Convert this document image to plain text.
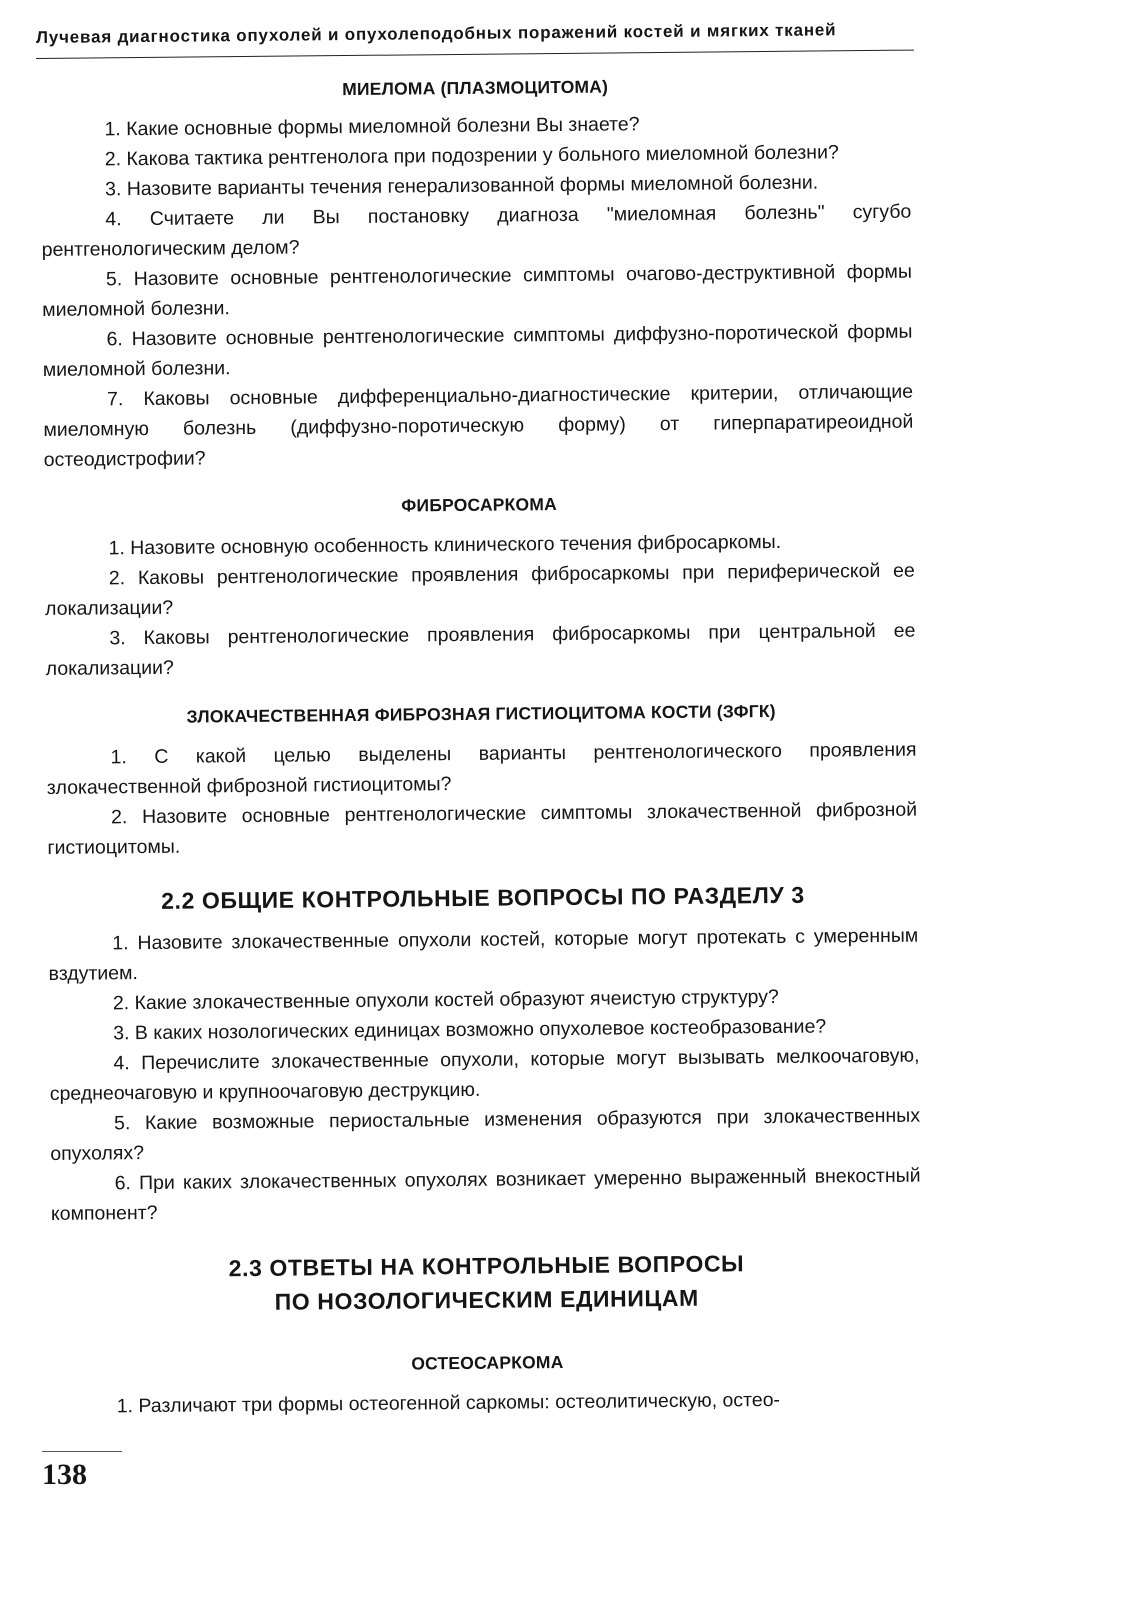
Лучевая диагностика опухолей и опухолеподобных поражений костей и мягких тканей
МИЕЛОМА (ПЛАЗМОЦИТОМА)

1. Какие основные формы миеломной болезни Вы знаете?

2. Какова тактика рентгенолога при подозрении у больного миеломной болезни?

3. Назовите варианты течения генерализованной формы миеломной болезни.

4. Считаете ли Вы постановку диагноза "миеломная болезнь" сугубо рентгенологическим делом?

5. Назовите основные рентгенологические симптомы очагово-деструктивной формы миеломной болезни.

6. Назовите основные рентгенологические симптомы диффузно-поротической формы миеломной болезни.

7. Каковы основные дифференциально-диагностические критерии, отличающие миеломную болезнь (диффузно-поротическую форму) от гиперпаратиреоидной остеодистрофии?

ФИБРОСАРКОМА

1. Назовите основную особенность клинического течения фибросаркомы.

2. Каковы рентгенологические проявления фибросаркомы при периферической ее локализации?

3. Каковы рентгенологические проявления фибросаркомы при центральной ее локализации?

ЗЛОКАЧЕСТВЕННАЯ ФИБРОЗНАЯ ГИСТИОЦИТОМА КОСТИ (ЗФГК)

1. С какой целью выделены варианты рентгенологического проявления злокачественной фиброзной гистиоцитомы?

2. Назовите основные рентгенологические симптомы злокачественной фиброзной гистиоцитомы.

2.2 ОБЩИЕ КОНТРОЛЬНЫЕ ВОПРОСЫ ПО РАЗДЕЛУ 3

1. Назовите злокачественные опухоли костей, которые могут протекать с умеренным вздутием.

2. Какие злокачественные опухоли костей образуют ячеистую структуру?

3. В каких нозологических единицах возможно опухолевое костеобразование?

4. Перечислите злокачественные опухоли, которые могут вызывать мелкоочаговую, среднеочаговую и крупноочаговую деструкцию.

5. Какие возможные периостальные изменения образуются при злокачественных опухолях?

6. При каких злокачественных опухолях возникает умеренно выраженный внекостный компонент?

2.3 ОТВЕТЫ НА КОНТРОЛЬНЫЕ ВОПРОСЫ
ПО НОЗОЛОГИЧЕСКИМ ЕДИНИЦАМ
ОСТЕОСАРКОМА

1. Различают три формы остеогенной саркомы: остеолитическую, остео-

138
